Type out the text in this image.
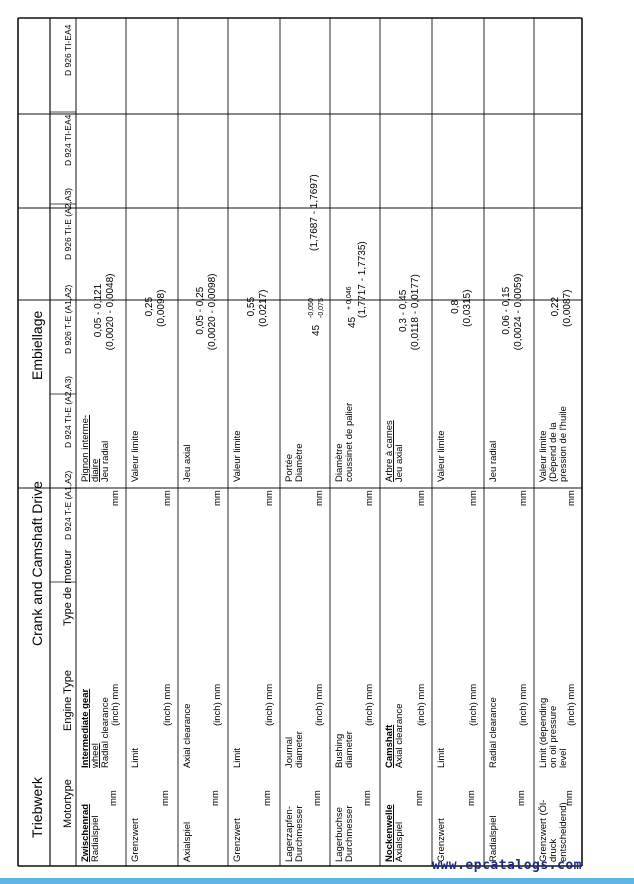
Triebwerk
Crank and Camshaft Drive
Embiellage
Motortype
Engine Type
Type de moteur
D 924 T-E (A1,A2)
D 924 TI-E (A2,A3)
D 926 T-E (A1,A2)
D 926 TI-E (A2,A3)
D 924 TI-EA4
D 926 TI-EA4
Zwischenrad Radialspiel
mm
Intermediate gear wheel Radial clearance (inch) mm
Pignon interme- diaire Jeu radial
mm
0,05 - 0,121 (0,0020 - 0,0048)
Grenzwert
mm
Limit
(inch) mm
Valeur limite
mm
0,25 (0,0098)
Axialspiel
mm
Axial clearance (inch) mm
Jeu axial
mm
0,05 - 0,25 (0,0020 - 0,0098)
Grenzwert
mm
Limit
(inch) mm
Valeur limite
mm
0,55 (0,0217)
Lagerzapfen- Durchmesser
mm
Journal diameter
(inch) mm
Portée Diamètre
mm
45
-0,050 -0,075
(1,7687 - 1,7697)
Lagerbuchse Durchmesser
mm
Bushing diameter
(inch) mm
Diamètre coussinet de palier
mm
45
+ 0,046 (1,7717 - 1,7735)
Nockenwelle Axialspiel
mm
Camshaft Axial clearance (inch) mm
Arbre à cames Jeu axial
mm
0,3 - 0,45 (0,0118 - 0,0177)
Grenzwert
mm
Limit
(inch) mm
Valeur limite
mm
0,8 (0,0315)
Radialspiel
mm
Radial clearance (inch) mm
Jeu radial
mm
0,06 - 0,15 (0,0024 - 0,0059)
Grenzwert (Öl- druck entscheidend)
mm
Limit (depending on oil pressure level
(inch) mm
Valeur limite (Dépend de la pression de l'huile
mm
0,22 (0,0087)
www.epcatalogs.com
